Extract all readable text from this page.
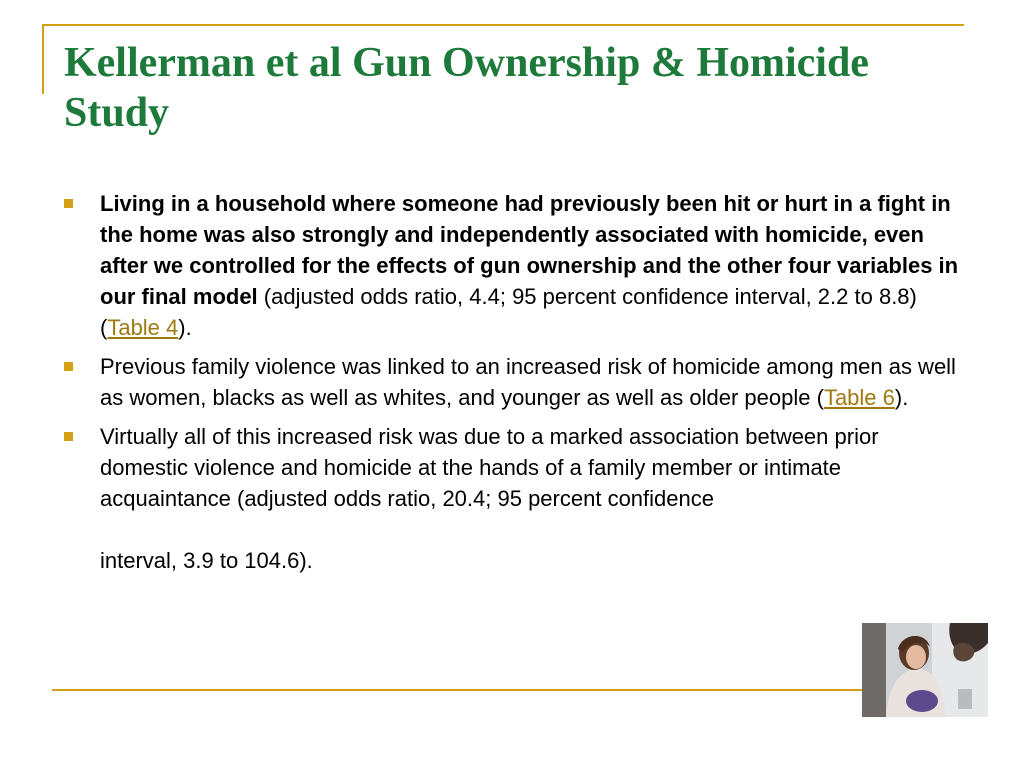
Kellerman et al Gun Ownership & Homicide Study
Living in a household where someone had previously been hit or hurt in a fight in the home was also strongly and independently associated with homicide, even after we controlled for the effects of gun ownership and the other four variables in our final model (adjusted odds ratio, 4.4; 95 percent confidence interval, 2.2 to 8.8) (Table 4).
Previous family violence was linked to an increased risk of homicide among men as well as women, blacks as well as whites, and younger as well as older people (Table 6).
Virtually all of this increased risk was due to a marked association between prior domestic violence and homicide at the hands of a family member or intimate acquaintance (adjusted odds ratio, 20.4; 95 percent confidence
interval, 3.9 to 104.6).
